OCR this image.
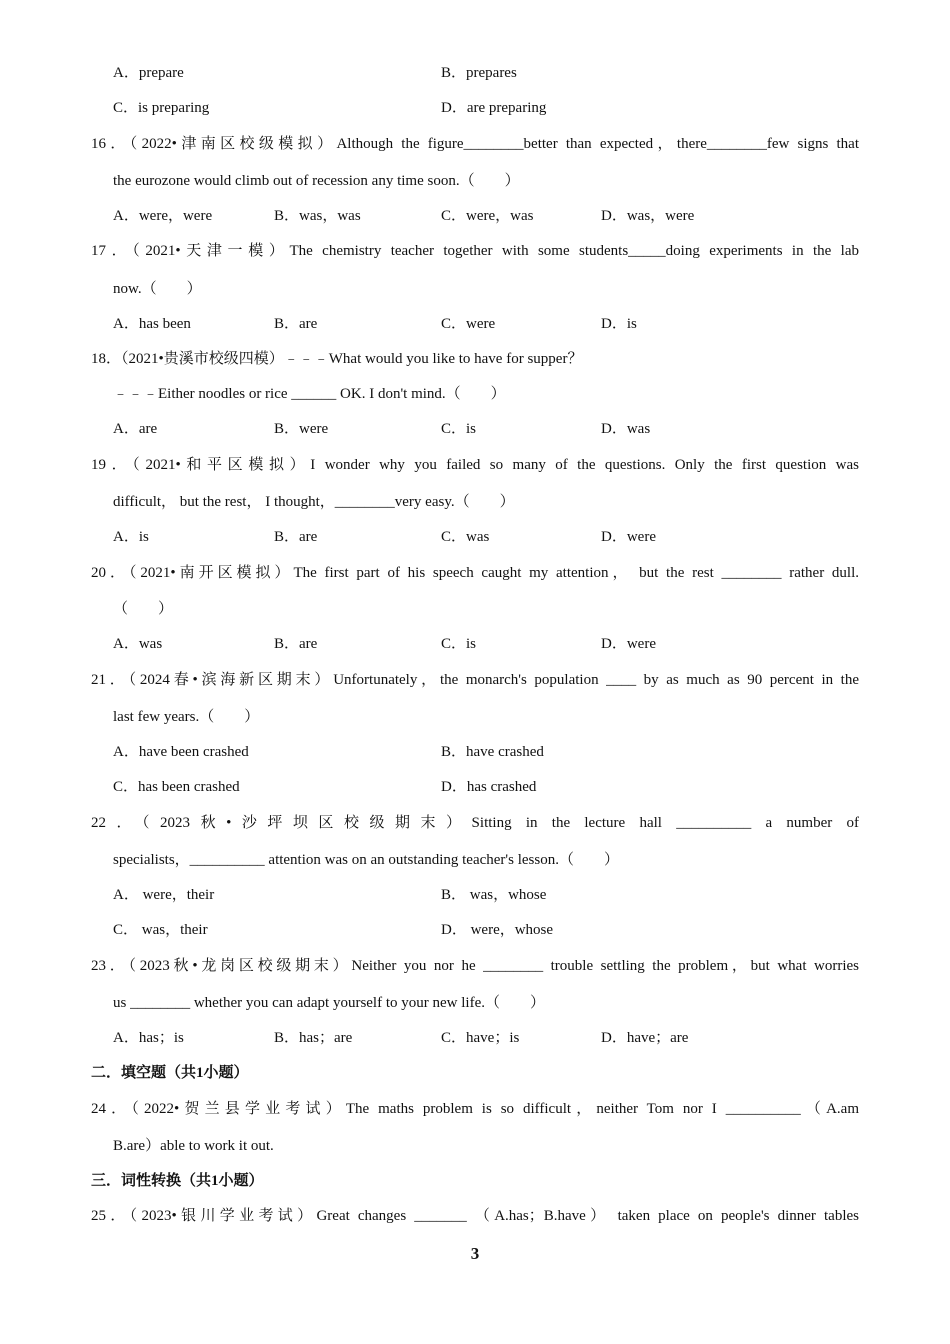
A．prepare	B．prepares
C．is preparing	D．are preparing
16．（2022•津南区校级模拟）Although the figure________better than expected，there________few signs that
the eurozone would climb out of recession any time soon.（　　）
A．were，were	B．was，was	C．were，was	D．was，were
17．（2021•天津一模）The chemistry teacher together with some students_____doing experiments in the lab
now.（　　）
A．has been	B．are	C．were	D．is
18．（2021•贵溪市校级四模）﹣﹣﹣What would you like to have for supper？
﹣﹣﹣Either noodles or rice ______ OK. I don't mind.（　　）
A．are	B．were	C．is	D．was
19．（2021•和平区模拟）I wonder why you failed so many of the questions. Only the first question was
difficult， but the rest， I thought，________very easy.（　　）
A．is	B．are	C．was	D．were
20．（2021•南开区模拟）The first part of his speech caught my attention， but the rest ________ rather dull.
（　　）
A．was	B．are	C．is	D．were
21．（2024春•滨海新区期末）Unfortunately，the monarch's population ____ by as much as 90 percent in the
last few years.（　　）
A．have been crashed	B．have crashed
C．has been crashed	D．has crashed
22．（2023秋•沙坪坝区校级期末）Sitting in the lecture hall __________ a number of
specialists，__________ attention was on an outstanding teacher's lesson.（　　）
A． were，their	B． was，whose
C． was，their	D． were，whose
23．（2023秋•龙岗区校级期末）Neither you nor he ________ trouble settling the problem，but what worries
us ________ whether you can adapt yourself to your new life.（　　）
A．has；is	B．has；are	C．have；is	D．have；are
二．填空题（共1小题）
24．（2022•贺兰县学业考试）The maths problem is so difficult，neither Tom nor I __________（A.am
B.are）able to work it out.
三．词性转换（共1小题）
25．（2023•银川学业考试）Great changes _______ （A.has；B.have） taken place on people's dinner tables
3
